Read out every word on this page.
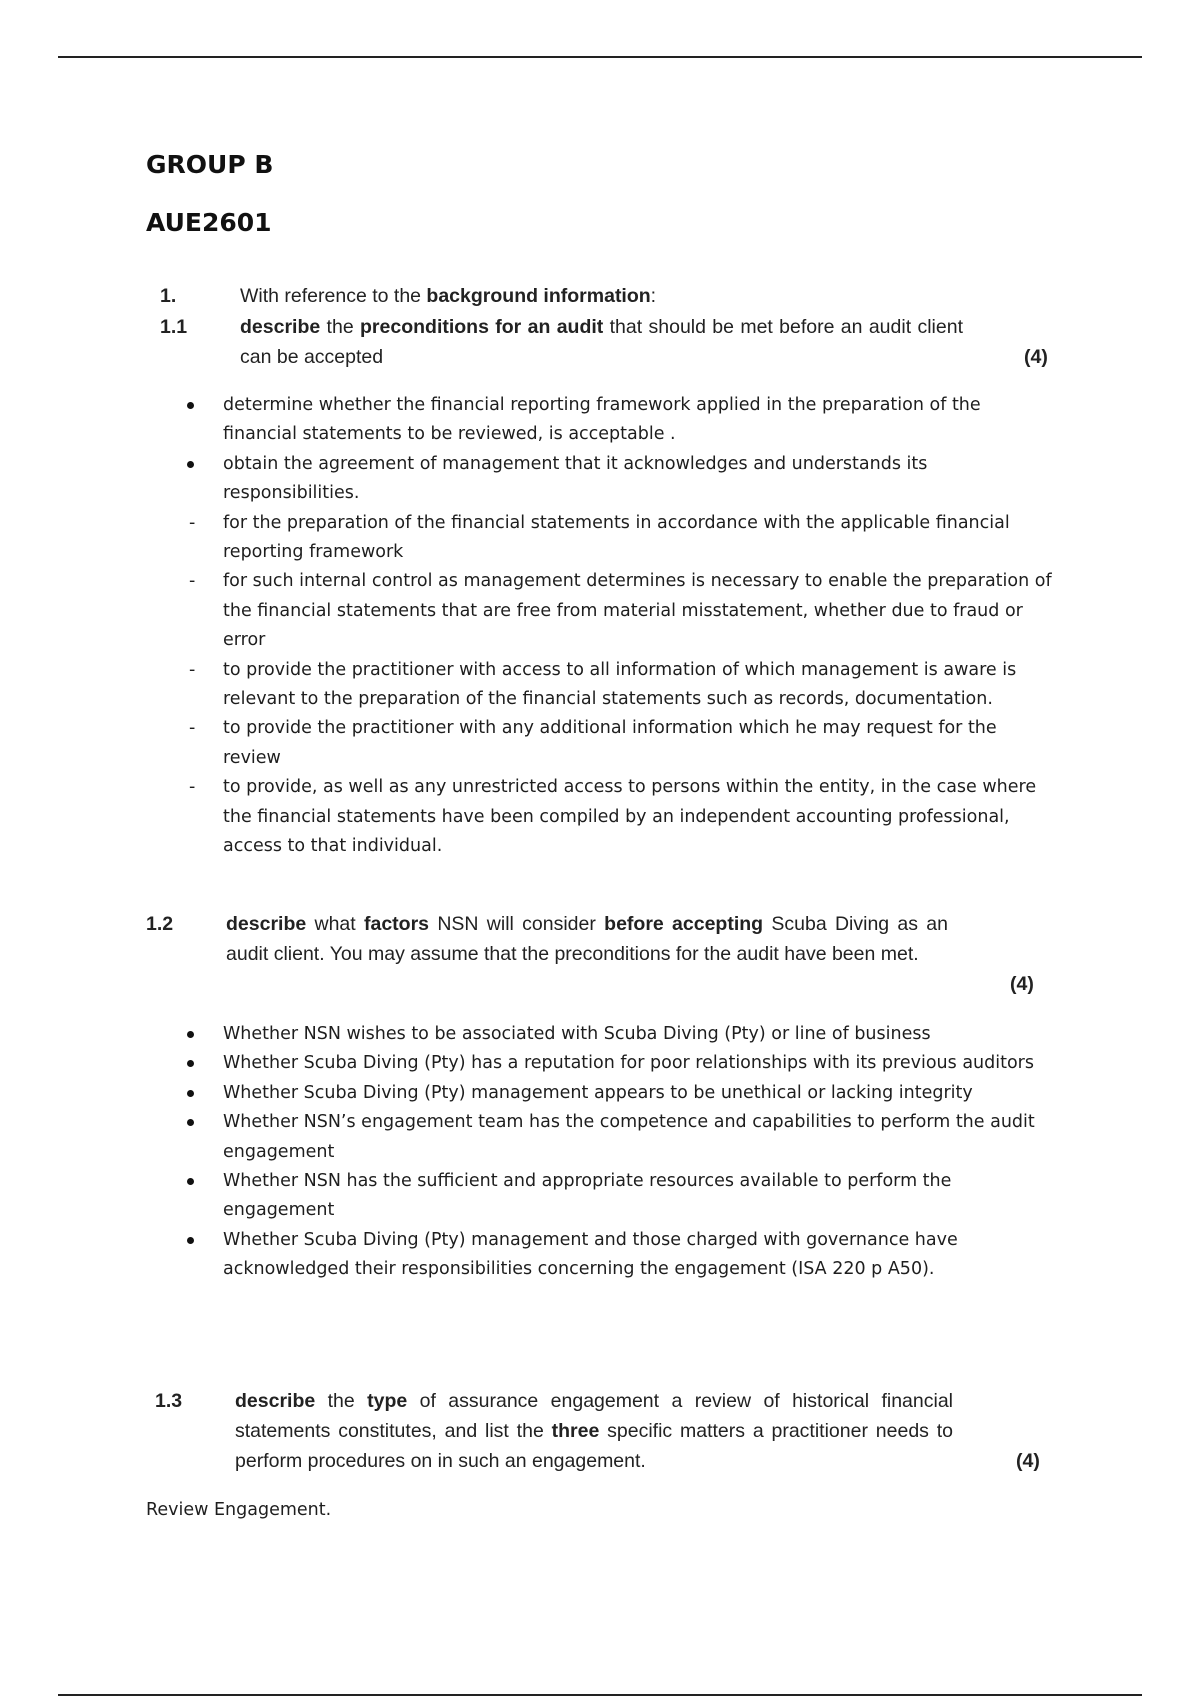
GROUP B
AUE2601
1.	With reference to the background information:
1.1	describe the preconditions for an audit that should be met before an audit client can be accepted	(4)
determine whether the financial reporting framework applied in the preparation of the financial statements to be reviewed, is acceptable .
obtain the agreement of management that it acknowledges and understands its responsibilities.
- for the preparation of the financial statements in accordance with the applicable financial reporting framework
- for such internal control as management determines is necessary to enable the preparation of the financial statements that are free from material misstatement, whether due to fraud or error
- to provide the practitioner with access to all information of which management is aware is relevant to the preparation of the financial statements such as records, documentation.
- to provide the practitioner with any additional information which he may request for the review
- to provide, as well as any unrestricted access to persons within the entity, in the case where the financial statements have been compiled by an independent accounting professional, access to that individual.
1.2	describe what factors NSN will consider before accepting Scuba Diving as an audit client. You may assume that the preconditions for the audit have been met.
(4)
Whether NSN wishes to be associated with Scuba Diving (Pty) or line of business
Whether Scuba Diving (Pty) has a reputation for poor relationships with its previous auditors
Whether Scuba Diving (Pty) management appears to be unethical or lacking integrity
Whether NSN’s engagement team has the competence and capabilities to perform the audit engagement
Whether NSN has the sufficient and appropriate resources available to perform the engagement
Whether Scuba Diving (Pty) management and those charged with governance have acknowledged their responsibilities concerning the engagement (ISA 220 p A50).
1.3	describe the type of assurance engagement a review of historical financial statements constitutes, and list the three specific matters a practitioner needs to perform procedures on in such an engagement.	(4)
Review Engagement.
